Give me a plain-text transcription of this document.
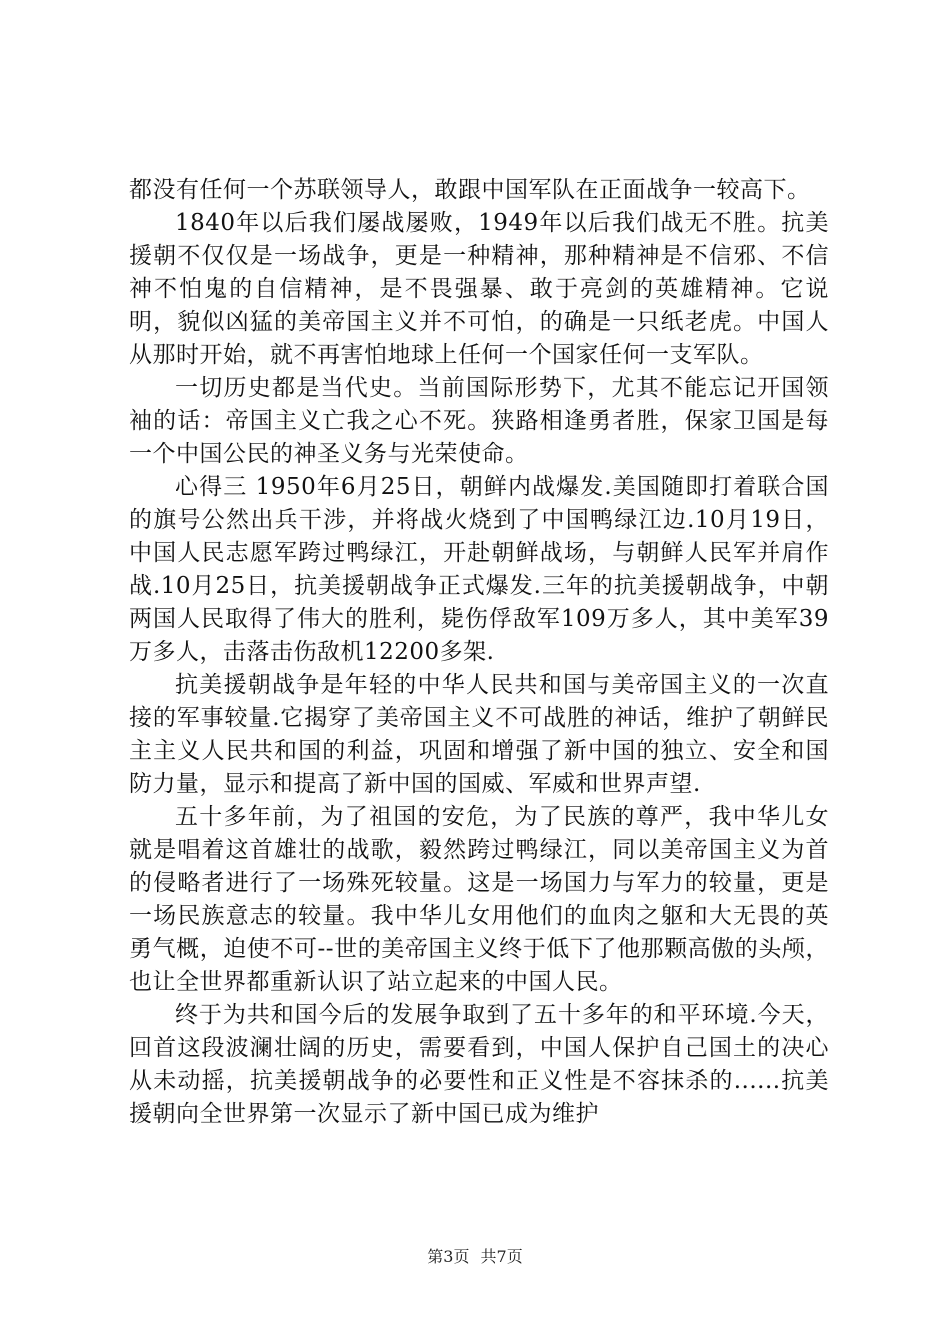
都没有任何一个苏联领导人，敢跟中国军队在正面战争一较高下。

1840年以后我们屡战屡败，1949年以后我们战无不胜。抗美援朝不仅仅是一场战争，更是一种精神，那种精神是不信邪、不信神不怕鬼的自信精神，是不畏强暴、敢于亮剑的英雄精神。它说明，貌似凶猛的美帝国主义并不可怕，的确是一只纸老虎。中国人从那时开始，就不再害怕地球上任何一个国家任何一支军队。

一切历史都是当代史。当前国际形势下，尤其不能忘记开国领袖的话：帝国主义亡我之心不死。狭路相逢勇者胜，保家卫国是每一个中国公民的神圣义务与光荣使命。

心得三 1950年6月25日，朝鲜内战爆发.美国随即打着联合国的旗号公然出兵干涉，并将战火烧到了中国鸭绿江边.10月19日，中国人民志愿军跨过鸭绿江，开赴朝鲜战场，与朝鲜人民军并肩作战.10月25日，抗美援朝战争正式爆发.三年的抗美援朝战争，中朝两国人民取得了伟大的胜利，毙伤俘敌军109万多人，其中美军39万多人，击落击伤敌机12200多架.

抗美援朝战争是年轻的中华人民共和国与美帝国主义的一次直接的军事较量.它揭穿了美帝国主义不可战胜的神话，维护了朝鲜民主主义人民共和国的利益，巩固和增强了新中国的独立、安全和国防力量，显示和提高了新中国的国威、军威和世界声望.

五十多年前，为了祖国的安危，为了民族的尊严，我中华儿女就是唱着这首雄壮的战歌，毅然跨过鸭绿江，同以美帝国主义为首的侵略者进行了一场殊死较量。这是一场国力与军力的较量，更是一场民族意志的较量。我中华儿女用他们的血肉之躯和大无畏的英勇气概，迫使不可--世的美帝国主义终于低下了他那颗高傲的头颅，也让全世界都重新认识了站立起来的中国人民。

终于为共和国今后的发展争取到了五十多年的和平环境.今天，回首这段波澜壮阔的历史，需要看到，中国人保护自己国土的决心从未动摇，抗美援朝战争的必要性和正义性是不容抹杀的......抗美援朝向全世界第一次显示了新中国已成为维护

第3页 共7页
